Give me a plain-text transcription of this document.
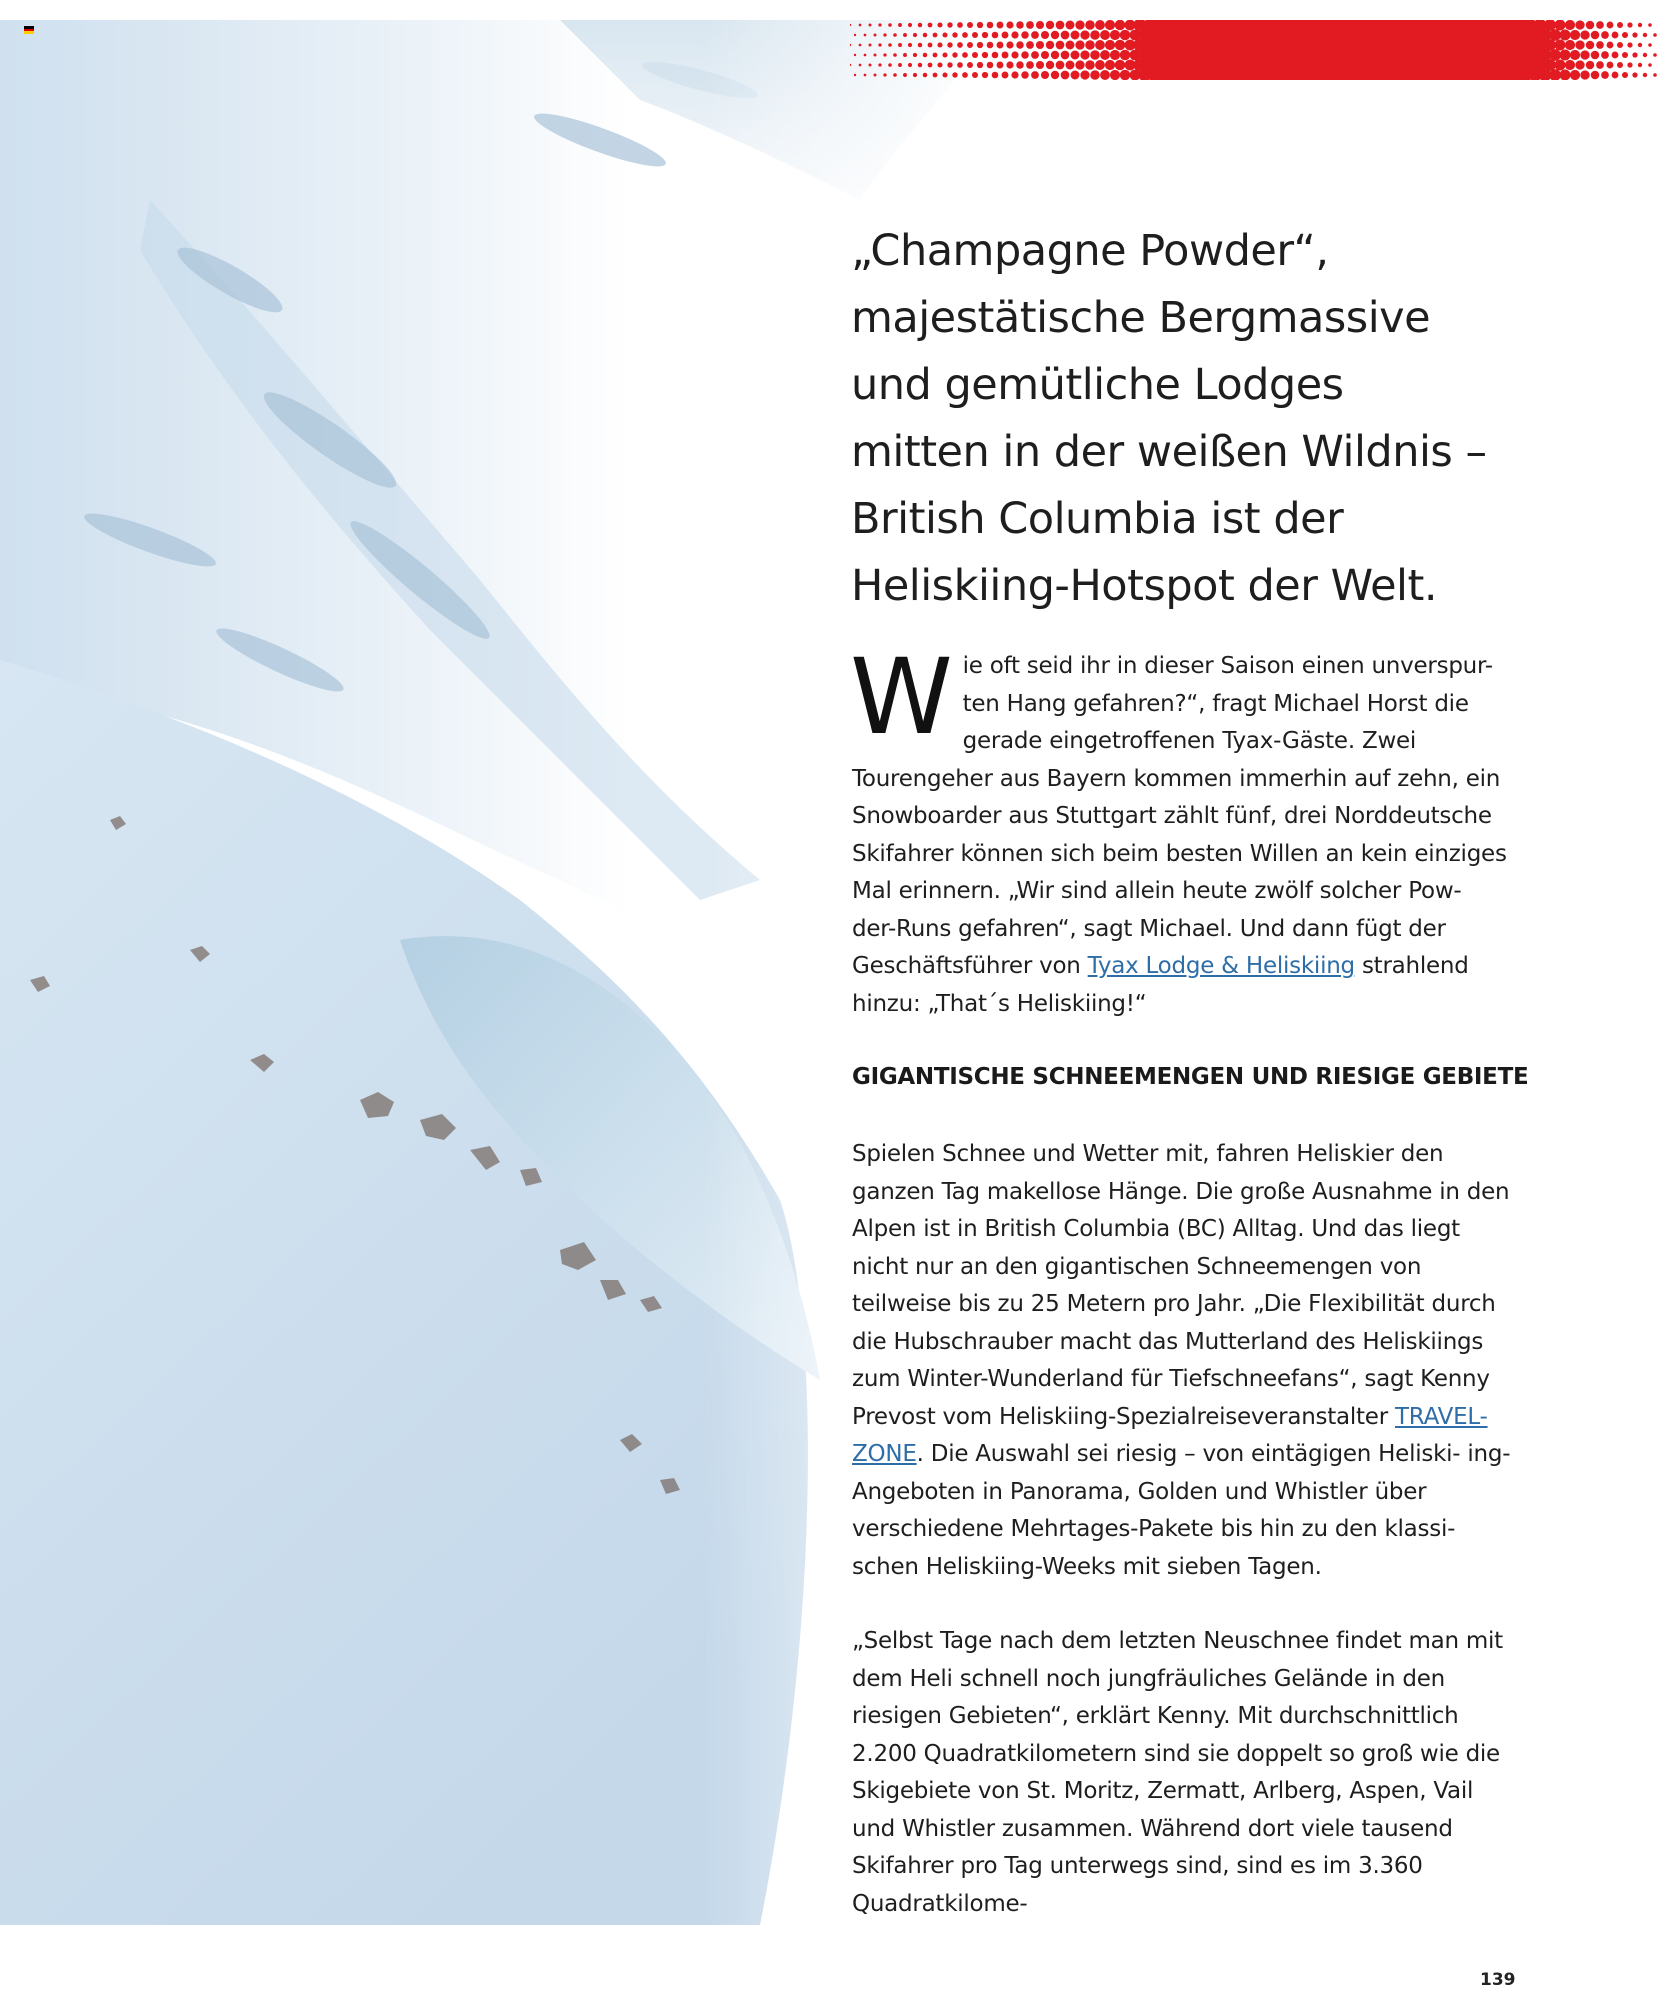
„Champagne Powder“,
majestätische Bergmassive
und gemütliche Lodges
mitten in der weißen Wildnis –
British Columbia ist der
Heliskiing-Hotspot der Welt.

Wie oft seid ihr in dieser Saison einen unverspur- ten Hang gefahren?“, fragt Michael Horst die gerade eingetroffenen Tyax-Gäste. Zwei Tourengeher aus Bayern kommen immerhin auf zehn, ein Snowboarder aus Stuttgart zählt fünf, drei Norddeutsche Skifahrer können sich beim besten Willen an kein einziges Mal erinnern. „Wir sind allein heute zwölf solcher Pow- der-Runs gefahren“, sagt Michael. Und dann fügt der Geschäftsführer von Tyax Lodge & Heliskiing strahlend hinzu: „That´s Heliskiing!“

GIGANTISCHE SCHNEEMENGEN UND RIESIGE GEBIETE

Spielen Schnee und Wetter mit, fahren Heliskier den ganzen Tag makellose Hänge. Die große Ausnahme in den Alpen ist in British Columbia (BC) Alltag. Und das liegt nicht nur an den gigantischen Schneemengen von teilweise bis zu 25 Metern pro Jahr. „Die Flexibilität durch die Hubschrauber macht das Mutterland des Heliskiings zum Winter-Wunderland für Tiefschneefans“, sagt Kenny Prevost vom Heliskiing-Spezialreiseveranstalter TRAVEL- ZONE. Die Auswahl sei riesig – von eintägigen Heliski- ing-Angeboten in Panorama, Golden und Whistler über verschiedene Mehrtages-Pakete bis hin zu den klassi- schen Heliskiing-Weeks mit sieben Tagen.

„Selbst Tage nach dem letzten Neuschnee findet man mit dem Heli schnell noch jungfräuliches Gelände in den riesigen Gebieten“, erklärt Kenny. Mit durchschnittlich 2.200 Quadratkilometern sind sie doppelt so groß wie die Skigebiete von St. Moritz, Zermatt, Arlberg, Aspen, Vail und Whistler zusammen. Während dort viele tausend Skifahrer pro Tag unterwegs sind, sind es im 3.360 Quadratkilome-

139
